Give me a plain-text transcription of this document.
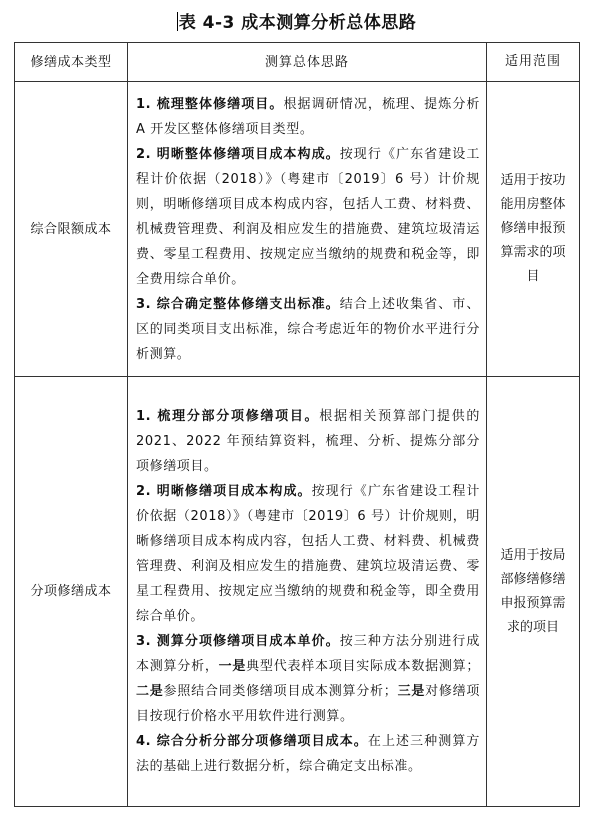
表 4-3 成本测算分析总体思路
修缮成本类型	测算总体思路	适用范围
综合限额成本	1. 梳理整体修缮项目。根据调研情况，梳理、提炼分析 A 开发区整体修缮项目类型。

2. 明晰整体修缮项目成本构成。按现行《广东省建设工程计价依据（2018）》（粤建市〔2019〕6 号）计价规则，明晰修缮项目成本构成内容，包括人工费、材料费、机械费管理费、利润及相应发生的措施费、建筑垃圾清运费、零星工程费用、按规定应当缴纳的规费和税金等，即全费用综合单价。

3. 综合确定整体修缮支出标准。结合上述收集省、市、区的同类项目支出标准，综合考虑近年的物价水平进行分析测算。	适用于按功能用房整体修缮申报预算需求的项目
分项修缮成本	1. 梳理分部分项修缮项目。根据相关预算部门提供的 2021、2022 年预结算资料，梳理、分析、提炼分部分项修缮项目。

2. 明晰修缮项目成本构成。按现行《广东省建设工程计价依据（2018）》（粤建市〔2019〕6 号）计价规则，明晰修缮项目成本构成内容，包括人工费、材料费、机械费管理费、利润及相应发生的措施费、建筑垃圾清运费、零星工程费用、按规定应当缴纳的规费和税金等，即全费用综合单价。

3. 测算分项修缮项目成本单价。按三种方法分别进行成本测算分析，一是典型代表样本项目实际成本数据测算；二是参照结合同类修缮项目成本测算分析；三是对修缮项目按现行价格水平用软件进行测算。

4. 综合分析分部分项修缮项目成本。在上述三种测算方法的基础上进行数据分析，综合确定支出标准。	适用于按局部修缮修缮申报预算需求的项目
